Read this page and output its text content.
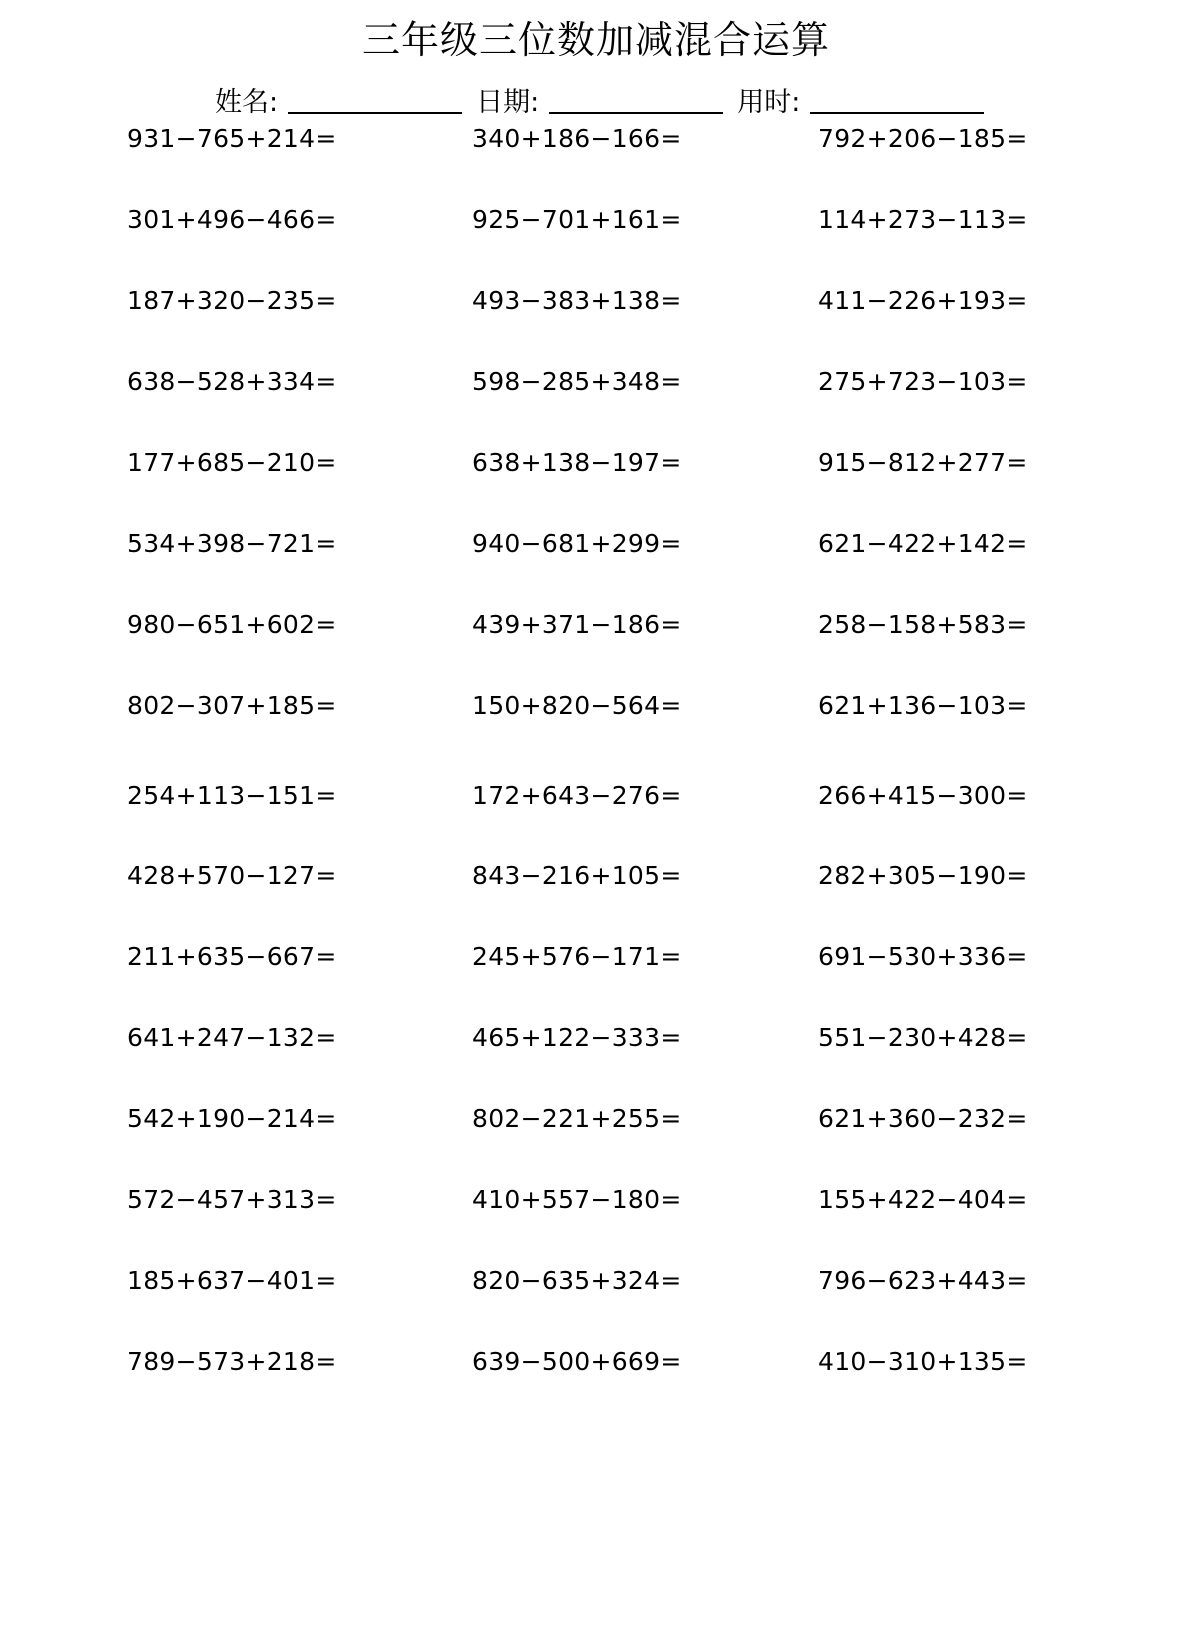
三年级三位数加减混合运算
姓名:	日期:	用时:
931−765+214=	340+186−166=	792+206−185=
301+496−466=	925−701+161=	114+273−113=
187+320−235=	493−383+138=	411−226+193=
638−528+334=	598−285+348=	275+723−103=
177+685−210=	638+138−197=	915−812+277=
534+398−721=	940−681+299=	621−422+142=
980−651+602=	439+371−186=	258−158+583=
802−307+185=	150+820−564=	621+136−103=
254+113−151=	172+643−276=	266+415−300=
428+570−127=	843−216+105=	282+305−190=
211+635−667=	245+576−171=	691−530+336=
641+247−132=	465+122−333=	551−230+428=
542+190−214=	802−221+255=	621+360−232=
572−457+313=	410+557−180=	155+422−404=
185+637−401=	820−635+324=	796−623+443=
789−573+218=	639−500+669=	410−310+135=
